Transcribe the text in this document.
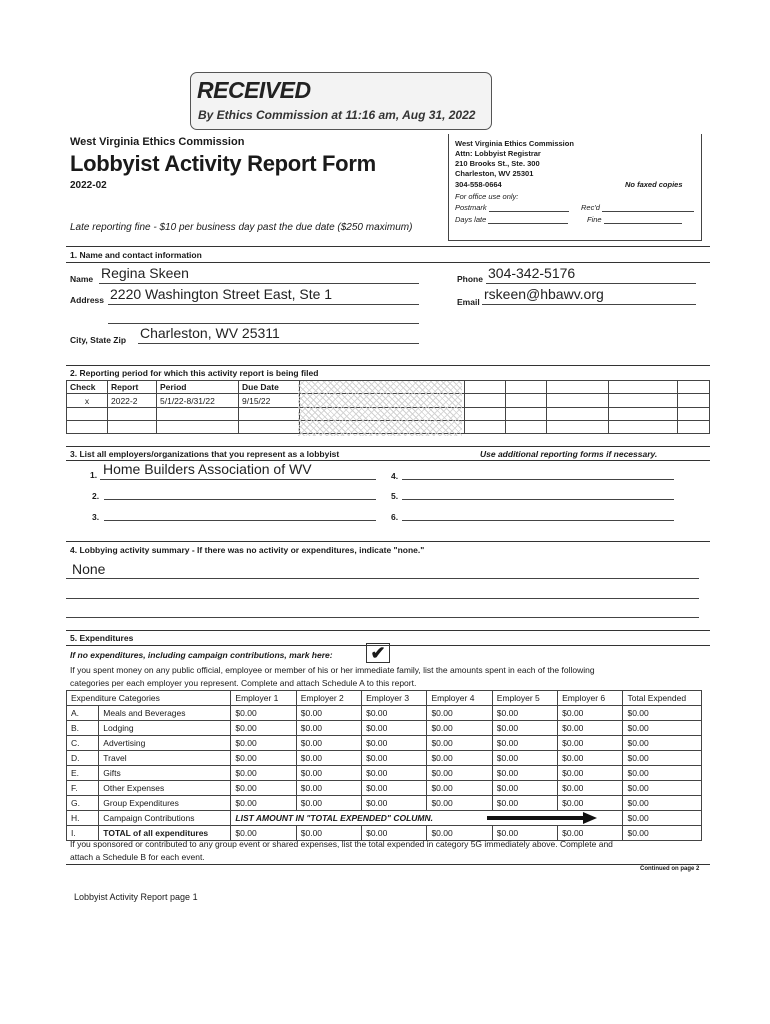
RECEIVED
By Ethics Commission at 11:16 am, Aug 31, 2022
West Virginia Ethics Commission
Lobbyist Activity Report Form
2022-02
Late reporting fine - $10 per business day past the due date ($250 maximum)
West Virginia Ethics Commission
Attn: Lobbyist Registrar
210 Brooks St., Ste. 300
Charleston, WV 25301
304-558-0664	No faxed copies
For office use only:
Postmark	Rec'd
Days late	Fine
1. Name and contact information
Name Regina Skeen
Address 2220 Washington Street East, Ste 1
City, State Zip Charleston, WV 25311
Phone 304-342-5176
Email rskeen@hbawv.org
2. Reporting period for which this activity report is being filed
Check	Report	Period	Due Date						
x	2022-2	5/1/22-8/31/22	9/15/22						

3. List all employers/organizations that you represent as a lobbyist	Use additional reporting forms if necessary.
1. Home Builders Association of WV
2.
3.
4.
5.
6.
4. Lobbying activity summary - If there was no activity or expenditures, indicate "none."
None
5. Expenditures
If no expenditures, including campaign contributions, mark here: ✔
If you spent money on any public official, employee or member of his or her immediate family, list the amounts spent in each of the following
categories per each employer you represent. Complete and attach Schedule A to this report.
Expenditure Categories		Employer 1	Employer 2	Employer 3	Employer 4	Employer 5	Employer 6	Total Expended
A.	Meals and Beverages	$0.00	$0.00	$0.00	$0.00	$0.00	$0.00	$0.00
B.	Lodging	$0.00	$0.00	$0.00	$0.00	$0.00	$0.00	$0.00
C.	Advertising	$0.00	$0.00	$0.00	$0.00	$0.00	$0.00	$0.00
D.	Travel	$0.00	$0.00	$0.00	$0.00	$0.00	$0.00	$0.00
E.	Gifts	$0.00	$0.00	$0.00	$0.00	$0.00	$0.00	$0.00
F.	Other Expenses	$0.00	$0.00	$0.00	$0.00	$0.00	$0.00	$0.00
G.	Group Expenditures	$0.00	$0.00	$0.00	$0.00	$0.00	$0.00	$0.00
H.	Campaign Contributions	LIST AMOUNT IN "TOTAL EXPENDED" COLUMN.						$0.00
I.	TOTAL of all expenditures	$0.00	$0.00	$0.00	$0.00	$0.00	$0.00	$0.00
If you sponsored or contributed to any group event or shared expenses, list the total expended in category 5G immediately above. Complete and
attach a Schedule B for each event.
Continued on page 2
Lobbyist Activity Report page 1
